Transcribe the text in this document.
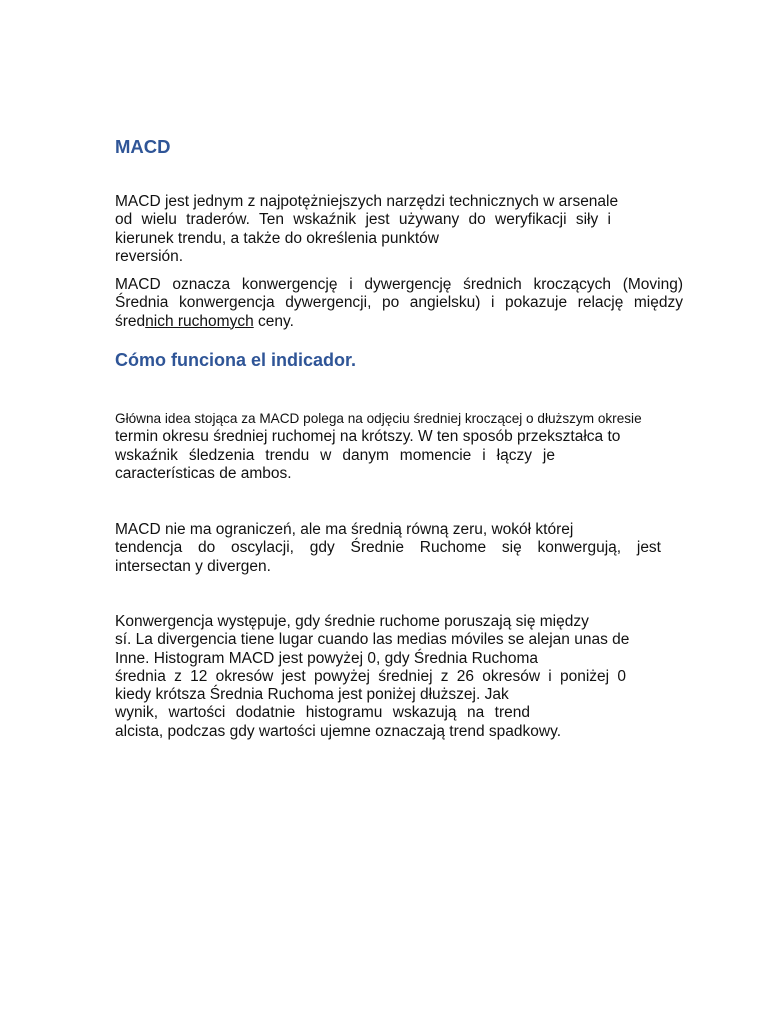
MACD
MACD jest jednym z najpotężniejszych narzędzi technicznych w arsenale
od wielu traderów. Ten wskaźnik jest używany do weryfikacji siły i
kierunek trendu, a także do określenia punktów
reversión.
MACD oznacza konwergencję i dywergencję średnich kroczących (Moving)
Średnia konwergencja dywergencji, po angielsku) i pokazuje relację między
średnich ruchomych ceny.
Cómo funciona el indicador.
Główna idea stojąca za MACD polega na odjęciu średniej kroczącej o dłuższym okresie
termin okresu średniej ruchomej na krótszy. W ten sposób przekształca to
wskaźnik śledzenia trendu w danym momencie i łączy je
características de ambos.
MACD nie ma ograniczeń, ale ma średnią równą zeru, wokół której
tendencja do oscylacji, gdy Średnie Ruchome się konwergują, jest
intersectan y divergen.
Konwergencja występuje, gdy średnie ruchome poruszają się między
sí. La divergencia tiene lugar cuando las medias móviles se alejan unas de
Inne. Histogram MACD jest powyżej 0, gdy Średnia Ruchoma
średnia z 12 okresów jest powyżej średniej z 26 okresów i poniżej 0
kiedy krótsza Średnia Ruchoma jest poniżej dłuższej. Jak
wynik, wartości dodatnie histogramu wskazują na trend
alcista, podczas gdy wartości ujemne oznaczają trend spadkowy.
